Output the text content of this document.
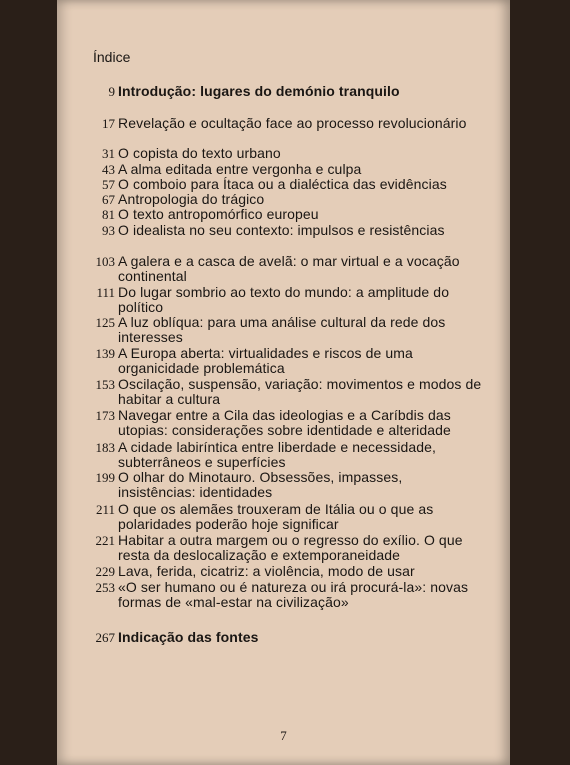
Índice
9 Introdução: lugares do demónio tranquilo
17 Revelação e ocultação face ao processo revolucionário
31 O copista do texto urbano
43 A alma editada entre vergonha e culpa
57 O comboio para Ítaca ou a dialéctica das evidências
67 Antropologia do trágico
81 O texto antropomórfico europeu
93 O idealista no seu contexto: impulsos e resistências
103 A galera e a casca de avelã: o mar virtual e a vocação continental
111 Do lugar sombrio ao texto do mundo: a amplitude do político
125 A luz oblíqua: para uma análise cultural da rede dos interesses
139 A Europa aberta: virtualidades e riscos de uma organicidade problemática
153 Oscilação, suspensão, variação: movimentos e modos de habitar a cultura
173 Navegar entre a Cila das ideologias e a Caríbdis das utopias: considerações sobre identidade e alteridade
183 A cidade labiríntica entre liberdade e necessidade, subterrâneos e superfícies
199 O olhar do Minotauro. Obsessões, impasses, insistências: identidades
211 O que os alemães trouxeram de Itália ou o que as polaridades poderão hoje significar
221 Habitar a outra margem ou o regresso do exílio. O que resta da deslocalização e extemporaneidade
229 Lava, ferida, cicatriz: a violência, modo de usar
253 «O ser humano ou é natureza ou irá procurá-la»: novas formas de «mal-estar na civilização»
267 Indicação das fontes
7
